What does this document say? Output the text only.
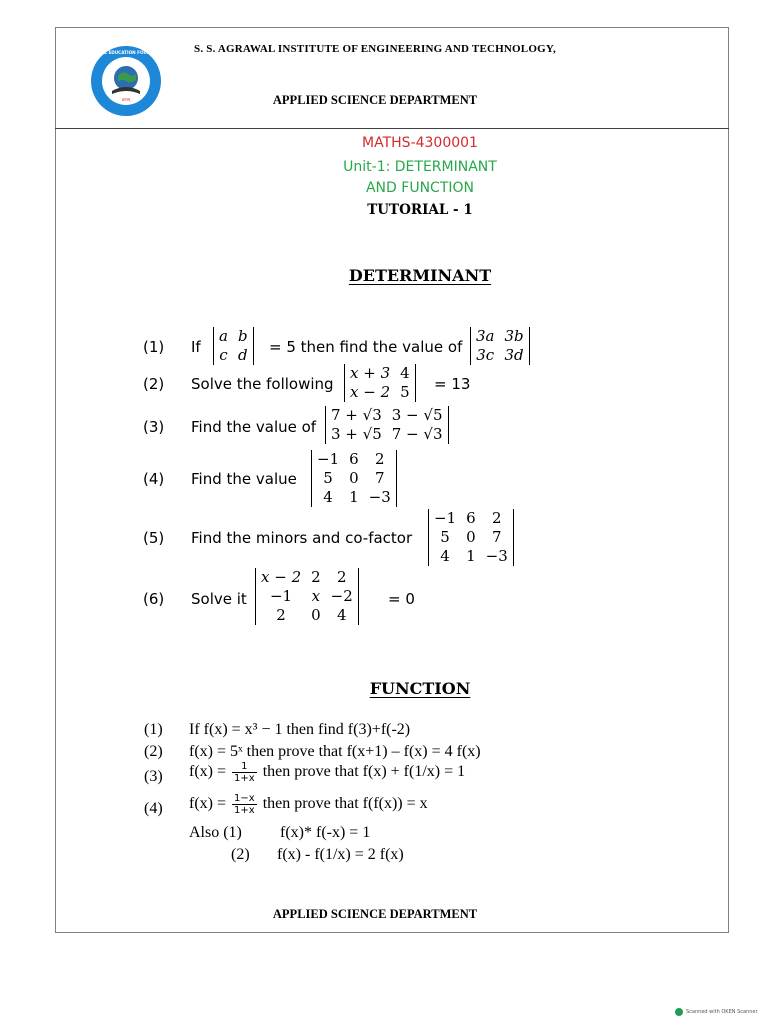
ज्ञानम्
AGRAWAL EDUCATION FOUNDATION	S. S. AGRAWAL INSTITUTE OF ENGINEERING AND TECHNOLOGY,
APPLIED SCIENCE DEPARTMENT
MATHS-4300001
Unit-1: DETERMINANT
AND FUNCTION
TUTORIAL - 1
DETERMINANT
(1) If
a	b
c	d = 5 then find the value of
3a	3b
3c	3d
(2) Solve the following
x + 3	4
x − 2	5 = 13
(3) Find the value of
7 + √3	3 − √5
3 + √5	7 − √3
(4) Find the value
−1	6	2
5	0	7
4	1	−3
(5) Find the minors and co-factor
−1	6	2
5	0	7
4	1	−3
(6) Solve it
x − 2	2	2
−1	x	−2
2	0	4
= 0
FUNCTION
(1) If f(x) = x³ − 1 then find f(3)+f(-2)
(2) f(x) = 5ˣ then prove that f(x+1) – f(x) = 4 f(x)
(3) $f(x) = \frac{1}{1+x}$ then prove that f(x) + f(1/x) = 1
(4) $f(x) = \frac{1-x}{1+x}$ then prove that f(f(x)) = x
Also (1) f(x)* f(-x) = 1
(2) f(x) - f(1/x) = 2 f(x)
APPLIED SCIENCE DEPARTMENT
Scanned with OKEN Scanner
